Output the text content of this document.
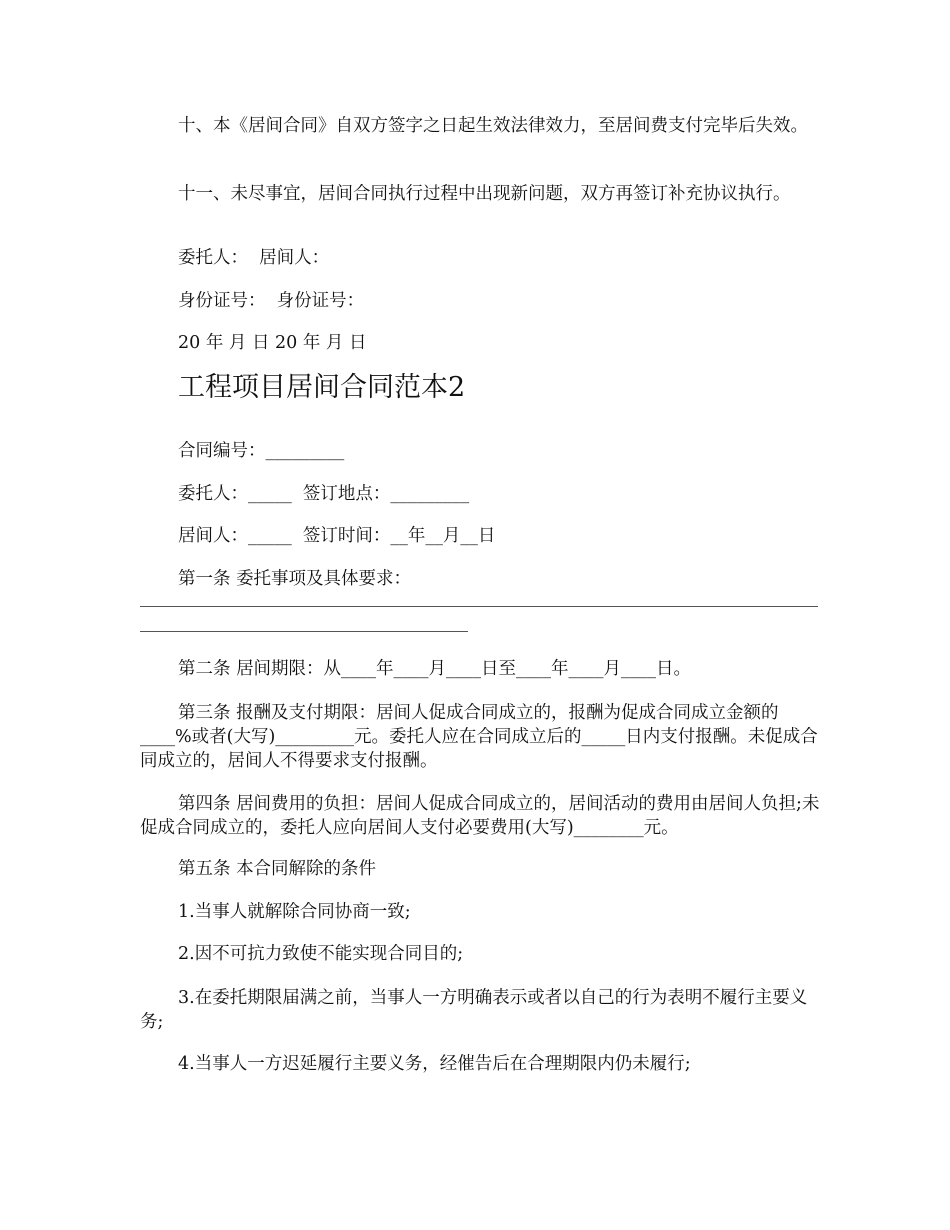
十、本《居间合同》自双方签字之日起生效法律效力，至居间费支付完毕后失效。

十一、未尽事宜，居间合同执行过程中出现新问题，双方再签订补充协议执行。

委托人：  居间人：

身份证号：  身份证号：

20 年 月 日 20 年 月 日

工程项目居间合同范本2

合同编号：_________

委托人：_____  签订地点：_________

居间人：_____  签订时间：__年__月__日

第一条 委托事项及具体要求：

第二条 居间期限：从____年____月____日至____年____月____日。

第三条 报酬及支付期限：居间人促成合同成立的，报酬为促成合同成立金额的____%或者(大写)_________元。委托人应在合同成立后的_____日内支付报酬。未促成合同成立的，居间人不得要求支付报酬。

第四条 居间费用的负担：居间人促成合同成立的，居间活动的费用由居间人负担;未促成合同成立的，委托人应向居间人支付必要费用(大写)________元。

第五条 本合同解除的条件

1.当事人就解除合同协商一致;

2.因不可抗力致使不能实现合同目的;

3.在委托期限届满之前，当事人一方明确表示或者以自己的行为表明不履行主要义务;

4.当事人一方迟延履行主要义务，经催告后在合理期限内仍未履行;
